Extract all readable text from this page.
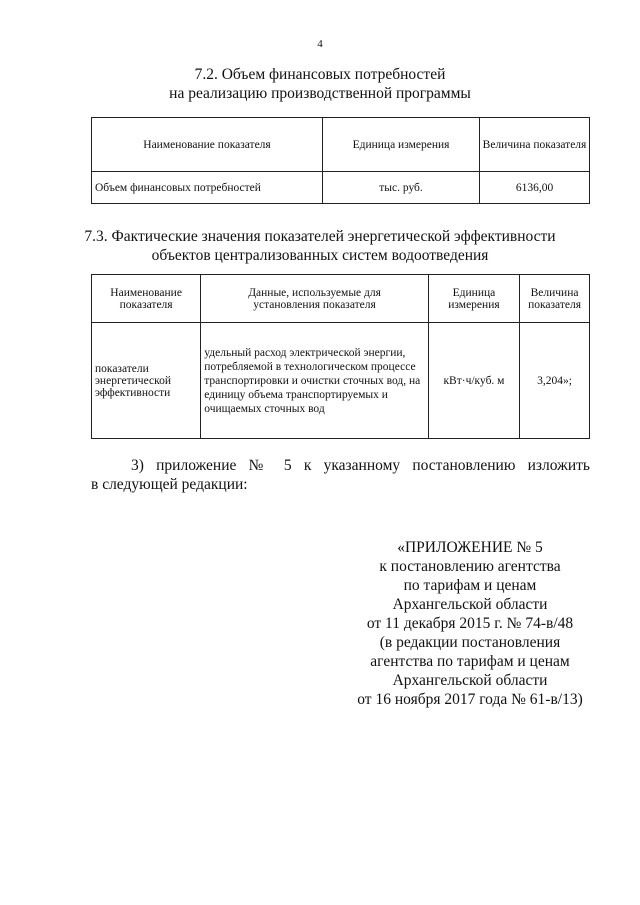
4
7.2. Объем финансовых потребностей
на реализацию производственной программы
Наименование показателя	Единица измерения	Величина показателя
Объем финансовых потребностей	тыс. руб.	6136,00
7.3. Фактические значения показателей энергетической эффективности
объектов централизованных систем водоотведения
Наименование показателя	Данные, используемые для установления показателя	Единица измерения	Величина показателя
показатели энергетической эффективности	удельный расход электрической энергии, потребляемой в технологическом процессе транспортировки и очистки сточных вод, на единицу объема транспортируемых и очищаемых сточных вод	кВт·ч/куб. м	3,204»;
3) приложение № 5 к указанному постановлению изложить
в следующей редакции:
«ПРИЛОЖЕНИЕ № 5
к постановлению агентства
по тарифам и ценам
Архангельской области
от 11 декабря 2015 г. № 74-в/48
(в редакции постановления
агентства по тарифам и ценам
Архангельской области
от 16 ноября 2017 года № 61-в/13)
